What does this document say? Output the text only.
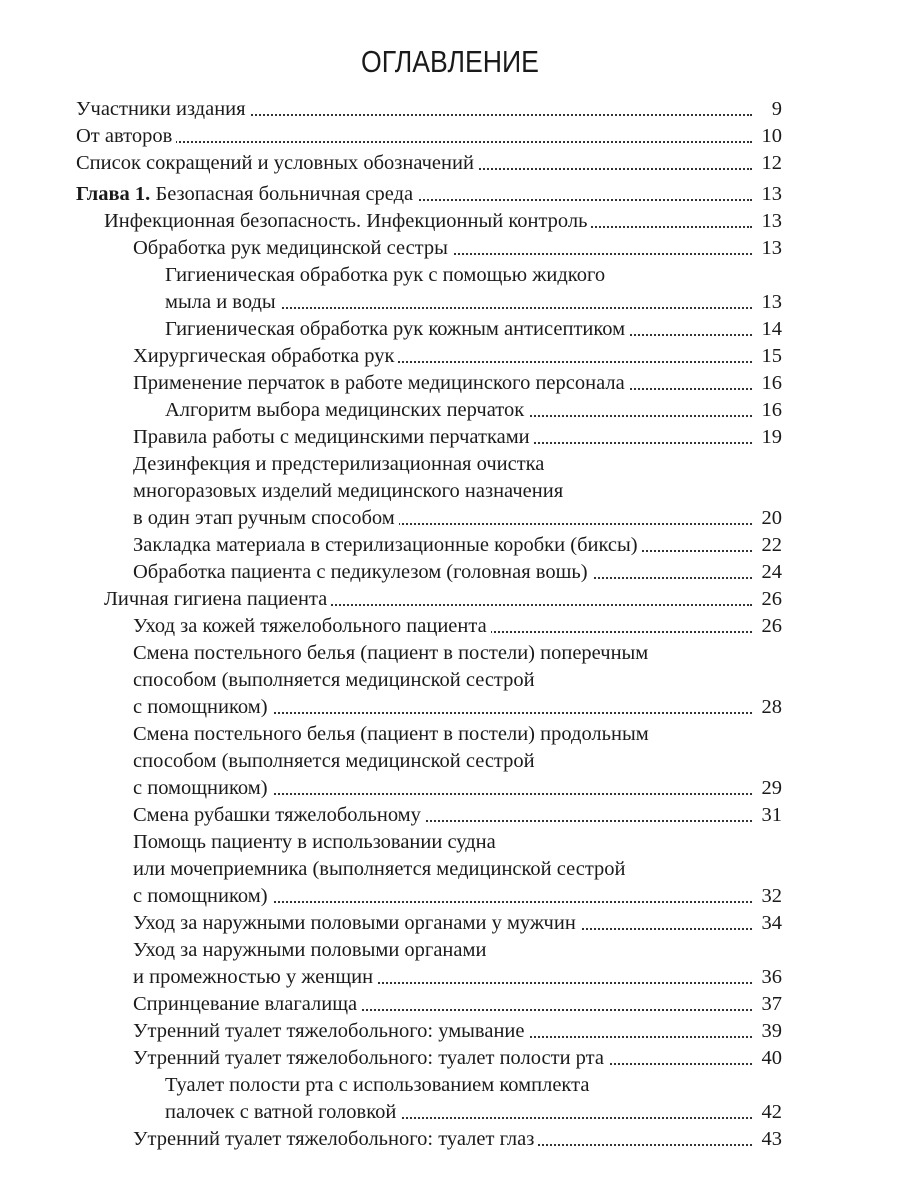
ОГЛАВЛЕНИЕ
Участники издания	9
От авторов	10
Список сокращений и условных обозначений	12
Глава 1. Безопасная больничная среда	13
Инфекционная безопасность. Инфекционный контроль	13
Обработка рук медицинской сестры	13
Гигиеническая обработка рук с помощью жидкого
мыла и воды	13
Гигиеническая обработка рук кожным антисептиком	14
Хирургическая обработка рук	15
Применение перчаток в работе медицинского персонала	16
Алгоритм выбора медицинских перчаток	16
Правила работы с медицинскими перчатками	19
Дезинфекция и предстерилизационная очистка
многоразовых изделий медицинского назначения
в один этап ручным способом	20
Закладка материала в стерилизационные коробки (биксы)	22
Обработка пациента с педикулезом (головная вошь)	24
Личная гигиена пациента	26
Уход за кожей тяжелобольного пациента	26
Смена постельного белья (пациент в постели) поперечным
способом (выполняется медицинской сестрой
с помощником)	28
Смена постельного белья (пациент в постели) продольным
способом (выполняется медицинской сестрой
с помощником)	29
Смена рубашки тяжелобольному	31
Помощь пациенту в использовании судна
или мочеприемника (выполняется медицинской сестрой
с помощником)	32
Уход за наружными половыми органами у мужчин	34
Уход за наружными половыми органами
и промежностью у женщин	36
Спринцевание влагалища	37
Утренний туалет тяжелобольного: умывание	39
Утренний туалет тяжелобольного: туалет полости рта	40
Туалет полости рта с использованием комплекта
палочек с ватной головкой	42
Утренний туалет тяжелобольного: туалет глаз	43
